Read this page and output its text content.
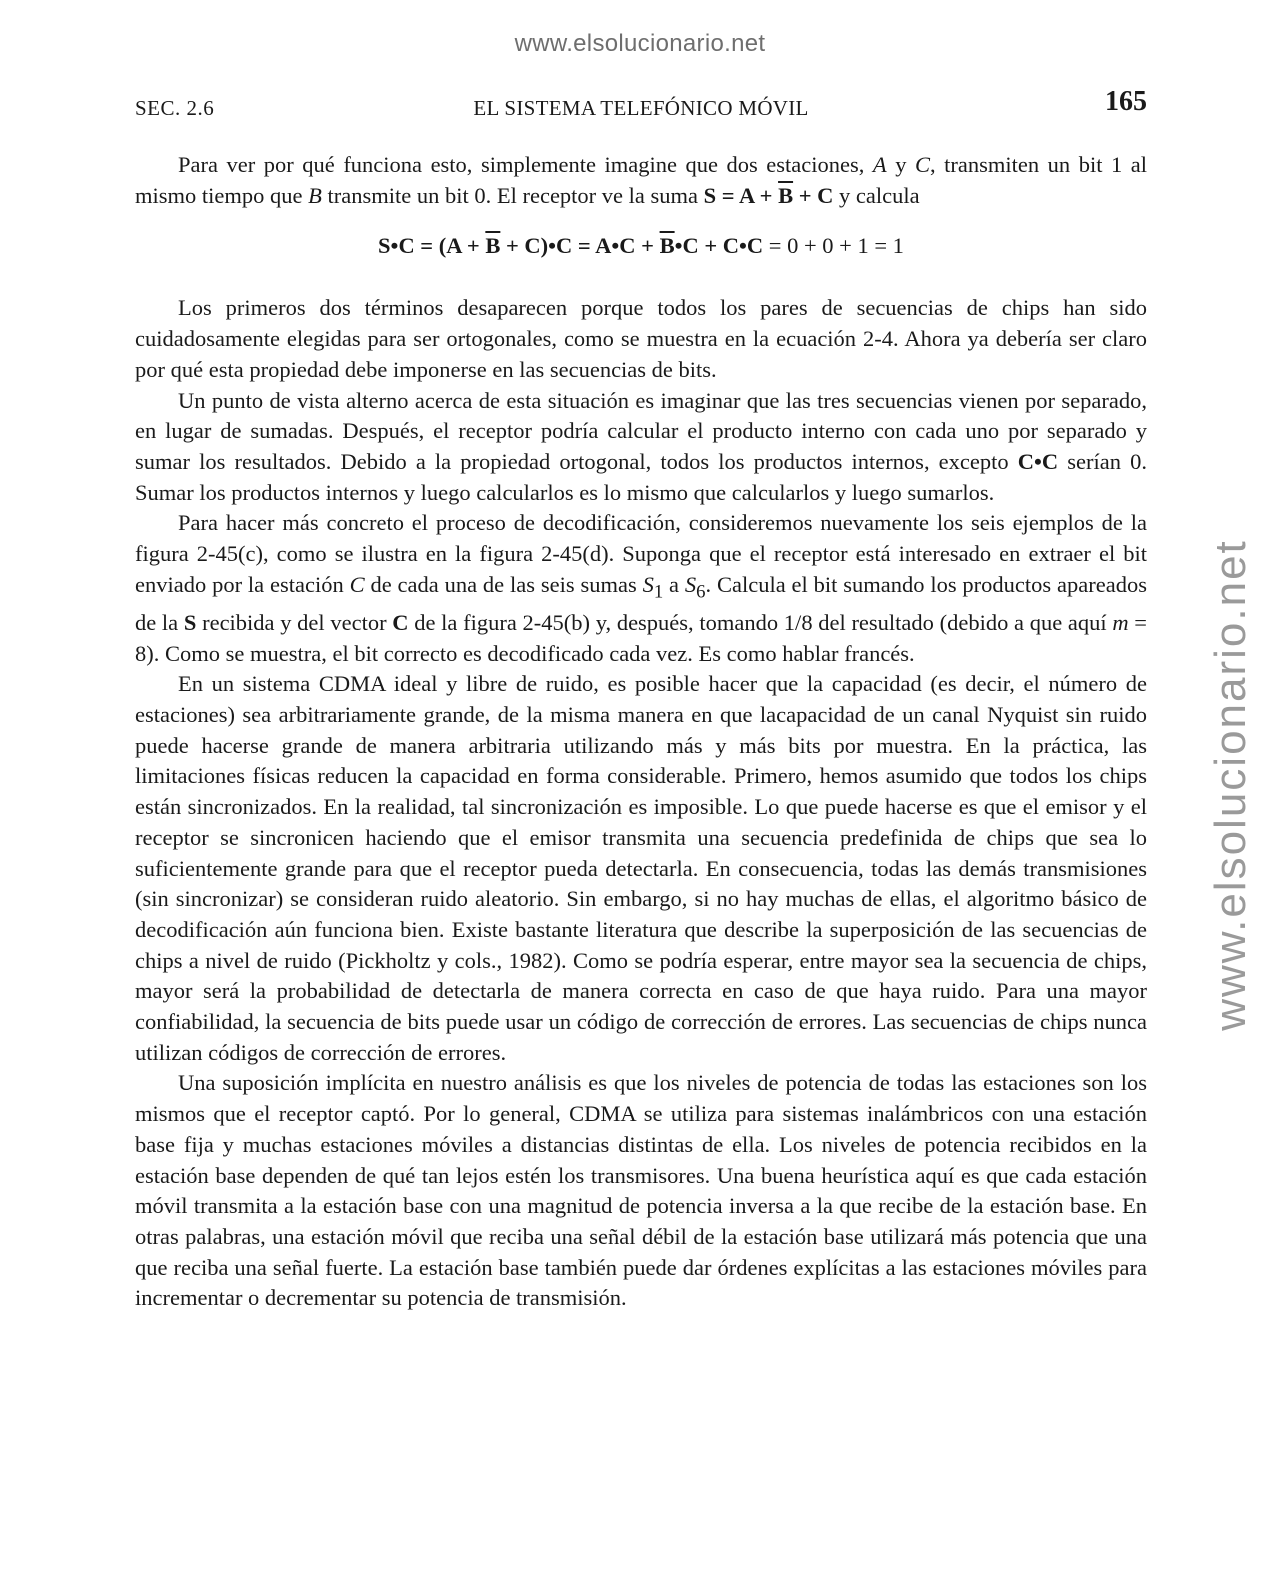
www.elsolucionario.net
www.elsolucionario.net
SEC. 2.6	EL SISTEMA TELEFÓNICO MÓVIL	165

Para ver por qué funciona esto, simplemente imagine que dos estaciones, A y C, transmiten un bit 1 al mismo tiempo que B transmite un bit 0. El receptor ve la suma $S = A + \overline{B} + C$ y calcula

S•C = ($A + \overline{B}$ + C)•C = A•C + $\overline{B}•C$ + C•C = 0 + 0 + 1 = 1

Los primeros dos términos desaparecen porque todos los pares de secuencias de chips han sido cuidadosamente elegidas para ser ortogonales, como se muestra en la ecuación 2-4. Ahora ya debería ser claro por qué esta propiedad debe imponerse en las secuencias de bits.

Un punto de vista alterno acerca de esta situación es imaginar que las tres secuencias vienen por separado, en lugar de sumadas. Después, el receptor podría calcular el producto interno con cada uno por separado y sumar los resultados. Debido a la propiedad ortogonal, todos los productos internos, excepto C•C serían 0. Sumar los productos internos y luego calcularlos es lo mismo que calcularlos y luego sumarlos.

Para hacer más concreto el proceso de decodificación, consideremos nuevamente los seis ejemplos de la figura 2-45(c), como se ilustra en la figura 2-45(d). Suponga que el receptor está interesado en extraer el bit enviado por la estación C de cada una de las seis sumas $S_1$ a $S_6$. Calcula el bit sumando los productos apareados de la S recibida y del vector C de la figura 2-45(b) y, después, tomando 1/8 del resultado (debido a que aquí m = 8). Como se muestra, el bit correcto es decodificado cada vez. Es como hablar francés.

En un sistema CDMA ideal y libre de ruido, es posible hacer que la capacidad (es decir, el número de estaciones) sea arbitrariamente grande, de la misma manera en que lacapacidad de un canal Nyquist sin ruido puede hacerse grande de manera arbitraria utilizando más y más bits por muestra. En la práctica, las limitaciones físicas reducen la capacidad en forma considerable. Primero, hemos asumido que todos los chips están sincronizados. En la realidad, tal sincronización es imposible. Lo que puede hacerse es que el emisor y el receptor se sincronicen haciendo que el emisor transmita una secuencia predefinida de chips que sea lo suficientemente grande para que el receptor pueda detectarla. En consecuencia, todas las demás transmisiones (sin sincronizar) se consideran ruido aleatorio. Sin embargo, si no hay muchas de ellas, el algoritmo básico de decodificación aún funciona bien. Existe bastante literatura que describe la superposición de las secuencias de chips a nivel de ruido (Pickholtz y cols., 1982). Como se podría esperar, entre mayor sea la secuencia de chips, mayor será la probabilidad de detectarla de manera correcta en caso de que haya ruido. Para una mayor confiabilidad, la secuencia de bits puede usar un código de corrección de errores. Las secuencias de chips nunca utilizan códigos de corrección de errores.

Una suposición implícita en nuestro análisis es que los niveles de potencia de todas las estaciones son los mismos que el receptor captó. Por lo general, CDMA se utiliza para sistemas inalámbricos con una estación base fija y muchas estaciones móviles a distancias distintas de ella. Los niveles de potencia recibidos en la estación base dependen de qué tan lejos estén los transmisores. Una buena heurística aquí es que cada estación móvil transmita a la estación base con una magnitud de potencia inversa a la que recibe de la estación base. En otras palabras, una estación móvil que reciba una señal débil de la estación base utilizará más potencia que una que reciba una señal fuerte. La estación base también puede dar órdenes explícitas a las estaciones móviles para incrementar o decrementar su potencia de transmisión.
